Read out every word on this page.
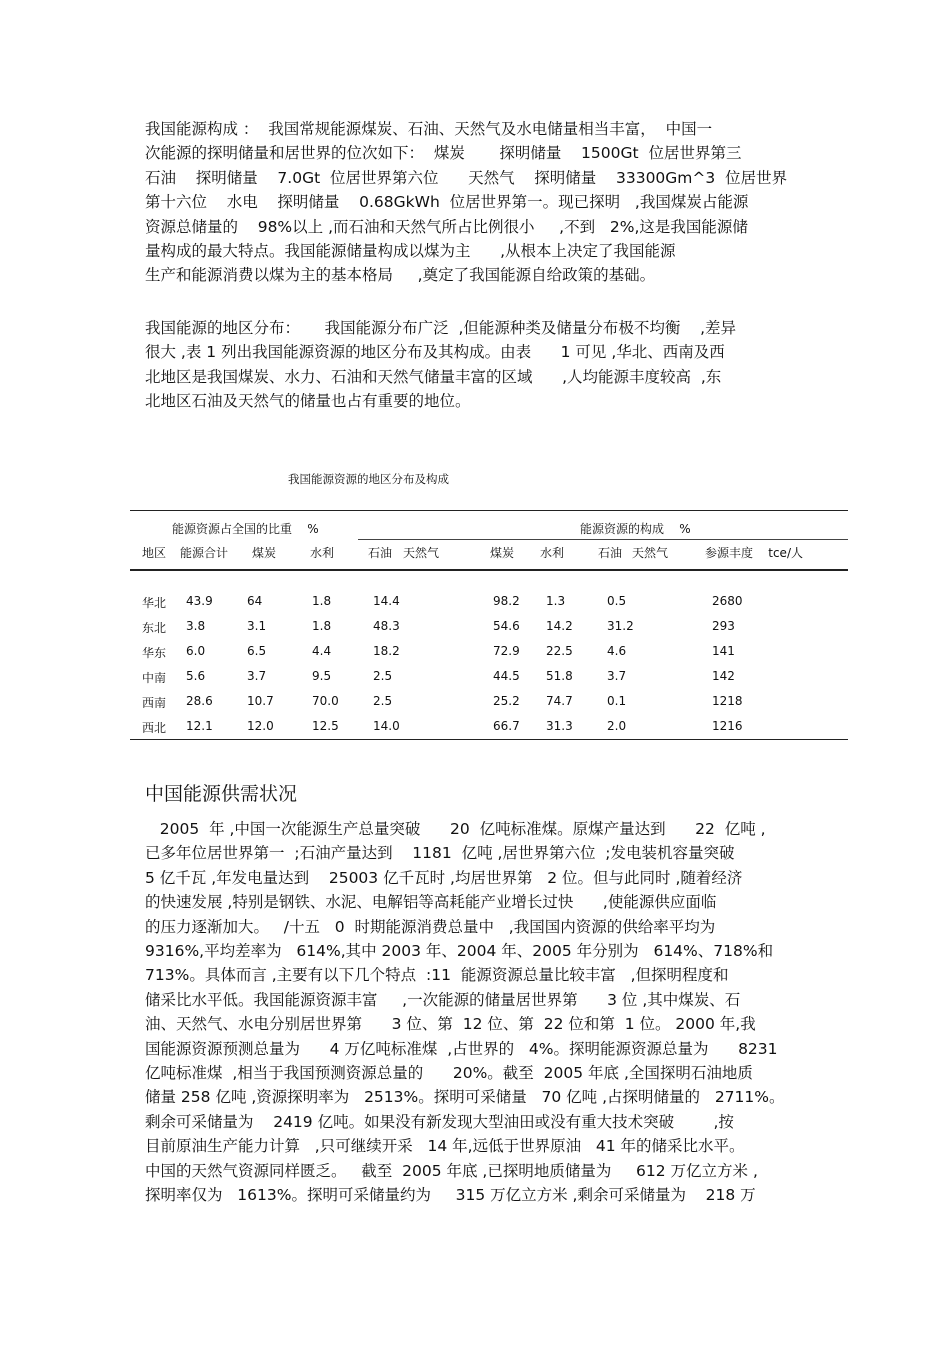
我国能源构成 ：  我国常规能源煤炭、石油、天然气及水电储量相当丰富，  中国一
次能源的探明储量和居世界的位次如下：  煤炭       探明储量    1500Gt  位居世界第三
石油    探明储量    7.0Gt  位居世界第六位      天然气    探明储量    33300Gm^3  位居世界
第十六位    水电    探明储量    0.68GkWh  位居世界第一。现已探明   ,我国煤炭占能源
资源总储量的    98%以上 ,而石油和天然气所占比例很小     ,不到   2%,这是我国能源储
量构成的最大特点。我国能源储量构成以煤为主      ,从根本上决定了我国能源
生产和能源消费以煤为主的基本格局     ,奠定了我国能源自给政策的基础。
我国能源的地区分布：     我国能源分布广泛  ,但能源种类及储量分布极不均衡    ,差异
很大 ,表 1 列出我国能源资源的地区分布及其构成。由表      1 可见 ,华北、西南及西
北地区是我国煤炭、水力、石油和天然气储量丰富的区域      ,人均能源丰度较高  ,东
北地区石油及天然气的储量也占有重要的地位。
我国能源资源的地区分布及构成
能源资源占全国的比重    %	能源资源的构成    %
地区 能源合计 煤炭	水利	石油 天然气	煤炭 水利	石油 天然气	参源丰度    tce/人
华北 43.9	64	1.8	14.4	98.2 1.3	0.5	2680
东北 3.8	3.1	1.8	48.3	54.6 14.2	31.2	293
华东 6.0	6.5	4.4	18.2	72.9 22.5	4.6	141
中南 5.6	3.7	9.5	2.5	44.5 51.8	3.7	142
西南 28.6	10.7	70.0	2.5	25.2 74.7	0.1	1218
西北 12.1	12.0	12.5	14.0	66.7 31.3	2.0	1216
中国能源供需状况
2005  年 ,中国一次能源生产总量突破      20  亿吨标准煤。原煤产量达到      22  亿吨 ,
已多年位居世界第一  ;石油产量达到    1181  亿吨 ,居世界第六位  ;发电装机容量突破
5 亿千瓦 ,年发电量达到    25003 亿千瓦时 ,均居世界第   2 位。但与此同时 ,随着经济
的快速发展 ,特别是钢铁、水泥、电解铝等高耗能产业增长过快      ,使能源供应面临
的压力逐渐加大。   /十五   0  时期能源消费总量中   ,我国国内资源的供给率平均为
9316%,平均差率为   614%,其中 2003 年、2004 年、2005 年分别为   614%、718%和
713%。具体而言 ,主要有以下几个特点  :11  能源资源总量比较丰富   ,但探明程度和
储采比水平低。我国能源资源丰富     ,一次能源的储量居世界第      3 位 ,其中煤炭、石
油、天然气、水电分别居世界第      3 位、第  12 位、第  22 位和第  1 位。 2000 年,我
国能源资源预测总量为      4 万亿吨标准煤  ,占世界的   4%。探明能源资源总量为      8231
亿吨标准煤  ,相当于我国预测资源总量的      20%。截至  2005 年底 ,全国探明石油地质
储量 258 亿吨 ,资源探明率为   2513%。探明可采储量   70 亿吨 ,占探明储量的   2711%。
剩余可采储量为    2419 亿吨。如果没有新发现大型油田或没有重大技术突破        ,按
目前原油生产能力计算   ,只可继续开采   14 年,远低于世界原油   41 年的储采比水平。
中国的天然气资源同样匮乏。   截至  2005 年底 ,已探明地质储量为     612 万亿立方米 ,
探明率仅为   1613%。探明可采储量约为     315 万亿立方米 ,剩余可采储量为    218 万
